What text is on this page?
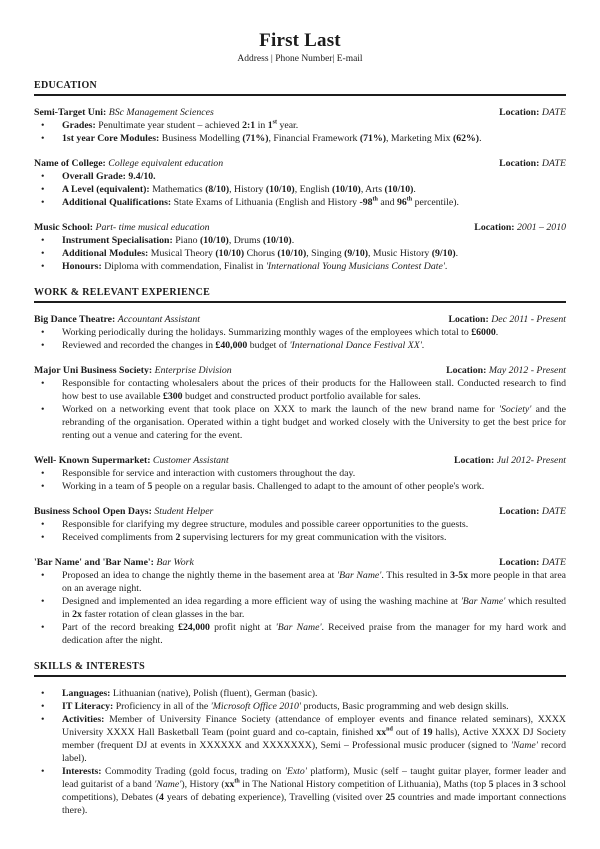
First Last
Address | Phone Number| E-mail
EDUCATION
Semi-Target Uni: BSc Management Sciences	Location: DATE
•
Grades: Penultimate year student – achieved 2:1 in 1st year.
•
1st year Core Modules: Business Modelling (71%), Financial Framework (71%), Marketing Mix (62%).
Name of College: College equivalent education	Location: DATE
•
Overall Grade: 9.4/10.
•
A Level (equivalent): Mathematics (8/10), History (10/10), English (10/10), Arts (10/10).
•
Additional Qualifications: State Exams of Lithuania (English and History -98th and 96th percentile).
Music School: Part- time musical education	Location: 2001 – 2010
•
Instrument Specialisation: Piano (10/10), Drums (10/10).
•
Additional Modules: Musical Theory (10/10) Chorus (10/10), Singing (9/10), Music History (9/10).
•
Honours: Diploma with commendation, Finalist in 'International Young Musicians Contest Date'.
WORK & RELEVANT EXPERIENCE
Big Dance Theatre: Accountant Assistant	Location: Dec 2011 - Present
•
Working periodically during the holidays. Summarizing monthly wages of the employees which total to £6000.
•
Reviewed and recorded the changes in £40,000 budget of 'International Dance Festival XX'.
Major Uni Business Society: Enterprise Division	Location: May 2012 - Present
•
Responsible for contacting wholesalers about the prices of their products for the Halloween stall. Conducted research to find how best to use available £300 budget and constructed product portfolio available for sales.
•
Worked on a networking event that took place on XXX to mark the launch of the new brand name for 'Society' and the rebranding of the organisation. Operated within a tight budget and worked closely with the University to get the best price for renting out a venue and catering for the event.
Well- Known Supermarket: Customer Assistant	Location: Jul 2012- Present
•
Responsible for service and interaction with customers throughout the day.
•
Working in a team of 5 people on a regular basis. Challenged to adapt to the amount of other people's work.
Business School Open Days: Student Helper	Location: DATE
•
Responsible for clarifying my degree structure, modules and possible career opportunities to the guests.
•
Received compliments from 2 supervising lecturers for my great communication with the visitors.
'Bar Name' and 'Bar Name': Bar Work	Location: DATE
•
Proposed an idea to change the nightly theme in the basement area at 'Bar Name'. This resulted in 3-5x more people in that area on an average night.
•
Designed and implemented an idea regarding a more efficient way of using the washing machine at 'Bar Name' which resulted in 2x faster rotation of clean glasses in the bar.
•
Part of the record breaking £24,000 profit night at 'Bar Name'. Received praise from the manager for my hard work and dedication after the night.
SKILLS & INTERESTS
•
Languages: Lithuanian (native), Polish (fluent), German (basic).
•
IT Literacy: Proficiency in all of the 'Microsoft Office 2010' products, Basic programming and web design skills.
•
Activities: Member of University Finance Society (attendance of employer events and finance related seminars), XXXX University XXXX Hall Basketball Team (point guard and co-captain, finished $xx^{nd}$ out of 19 halls), Active XXXX DJ Society member (frequent DJ at events in XXXXXX and XXXXXXX), Semi – Professional music producer (signed to 'Name' record label).
•
Interests: Commodity Trading (gold focus, trading on 'Exto' platform), Music (self – taught guitar player, former leader and lead guitarist of a band 'Name'), History ($xx^{th}$ in The National History competition of Lithuania), Maths (top 5 places in 3 school competitions), Debates (4 years of debating experience), Travelling (visited over 25 countries and made important connections there).
